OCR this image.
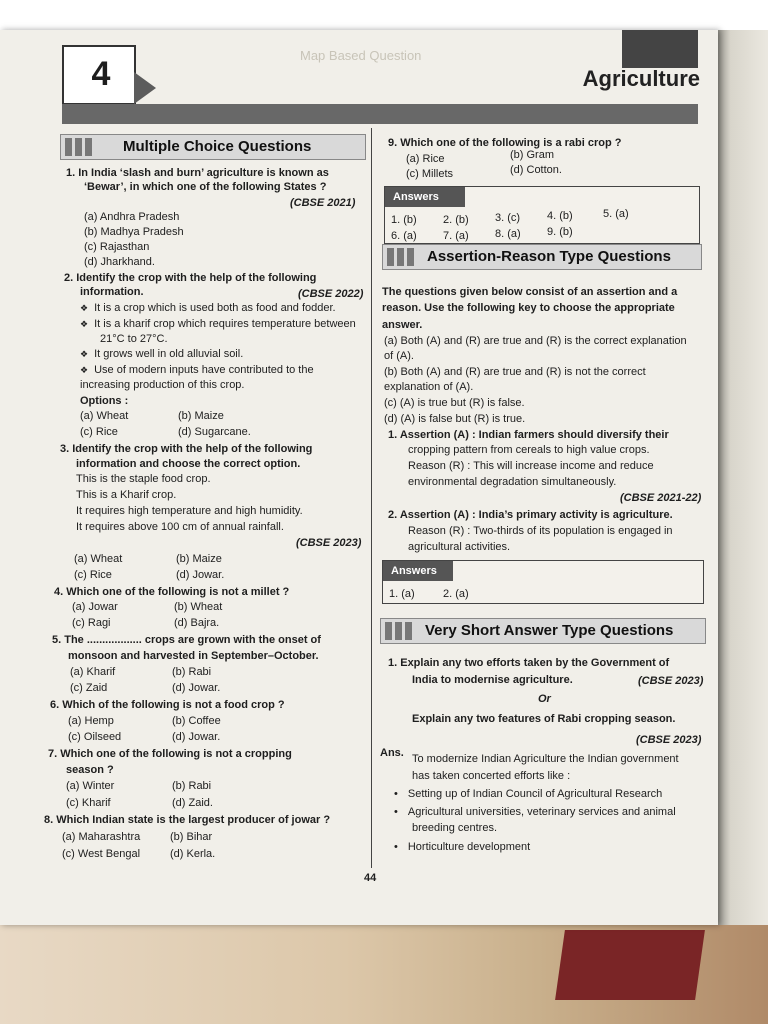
Map Based Question
4	Agriculture
Multiple Choice Questions
1. In India ‘slash and burn’ agriculture is known as
‘Bewar’, in which one of the following States ?
(CBSE 2021)
(a) Andhra Pradesh
(b) Madhya Pradesh
(c) Rajasthan
(d) Jharkhand.
2. Identify the crop with the help of the following
information.	(CBSE 2022)
❖ It is a crop which is used both as food and fodder.
❖ It is a kharif crop which requires temperature between
21°C to 27°C.
❖ It grows well in old alluvial soil.
❖ Use of modern inputs have contributed to the
increasing production of this crop.
Options :
(a) Wheat	(b) Maize
(c) Rice	(d) Sugarcane.
3. Identify the crop with the help of the following
information and choose the correct option.
This is the staple food crop.
This is a Kharif crop.
It requires high temperature and high humidity.
It requires above 100 cm of annual rainfall.
(CBSE 2023)
(a) Wheat	(b) Maize
(c) Rice	(d) Jowar.
4. Which one of the following is not a millet ?
(a) Jowar	(b) Wheat
(c) Ragi	(d) Bajra.
5. The .................. crops are grown with the onset of
monsoon and harvested in September–October.
(a) Kharif	(b) Rabi
(c) Zaid	(d) Jowar.
6. Which of the following is not a food crop ?
(a) Hemp	(b) Coffee
(c) Oilseed	(d) Jowar.
7. Which one of the following is not a cropping
season ?
(a) Winter	(b) Rabi
(c) Kharif	(d) Zaid.
8. Which Indian state is the largest producer of jowar ?
(a) Maharashtra	(b) Bihar
(c) West Bengal	(d) Kerla.
9. Which one of the following is a rabi crop ?
(a) Rice	(b) Gram
(c) Millets	(d) Cotton.
Answers
1. (b) 2. (b) 3. (c) 4. (b)	5. (a)
6. (a) 7. (a) 8. (a) 9. (b)
Assertion-Reason Type Questions
The questions given below consist of an assertion and a
reason. Use the following key to choose the appropriate
answer.
(a) Both (A) and (R) are true and (R) is the correct explanation
of (A).
(b) Both (A) and (R) are true and (R) is not the correct
explanation of (A).
(c) (A) is true but (R) is false.
(d) (A) is false but (R) is true.
1. Assertion (A) : Indian farmers should diversify their
cropping pattern from cereals to high value crops.
Reason (R) : This will increase income and reduce
environmental degradation simultaneously.
(CBSE 2021-22)
2. Assertion (A) : India’s primary activity is agriculture.
Reason (R) : Two-thirds of its population is engaged in
agricultural activities.
Answers
1. (a)	2. (a)
Very Short Answer Type Questions
1. Explain any two efforts taken by the Government of
India to modernise agriculture.	(CBSE 2023)
Or
Explain any two features of Rabi cropping season.
(CBSE 2023)
Ans. To modernize Indian Agriculture the Indian government
has taken concerted efforts like :
• Setting up of Indian Council of Agricultural Research
• Agricultural universities, veterinary services and animal
breeding centres.
• Horticulture development
44
